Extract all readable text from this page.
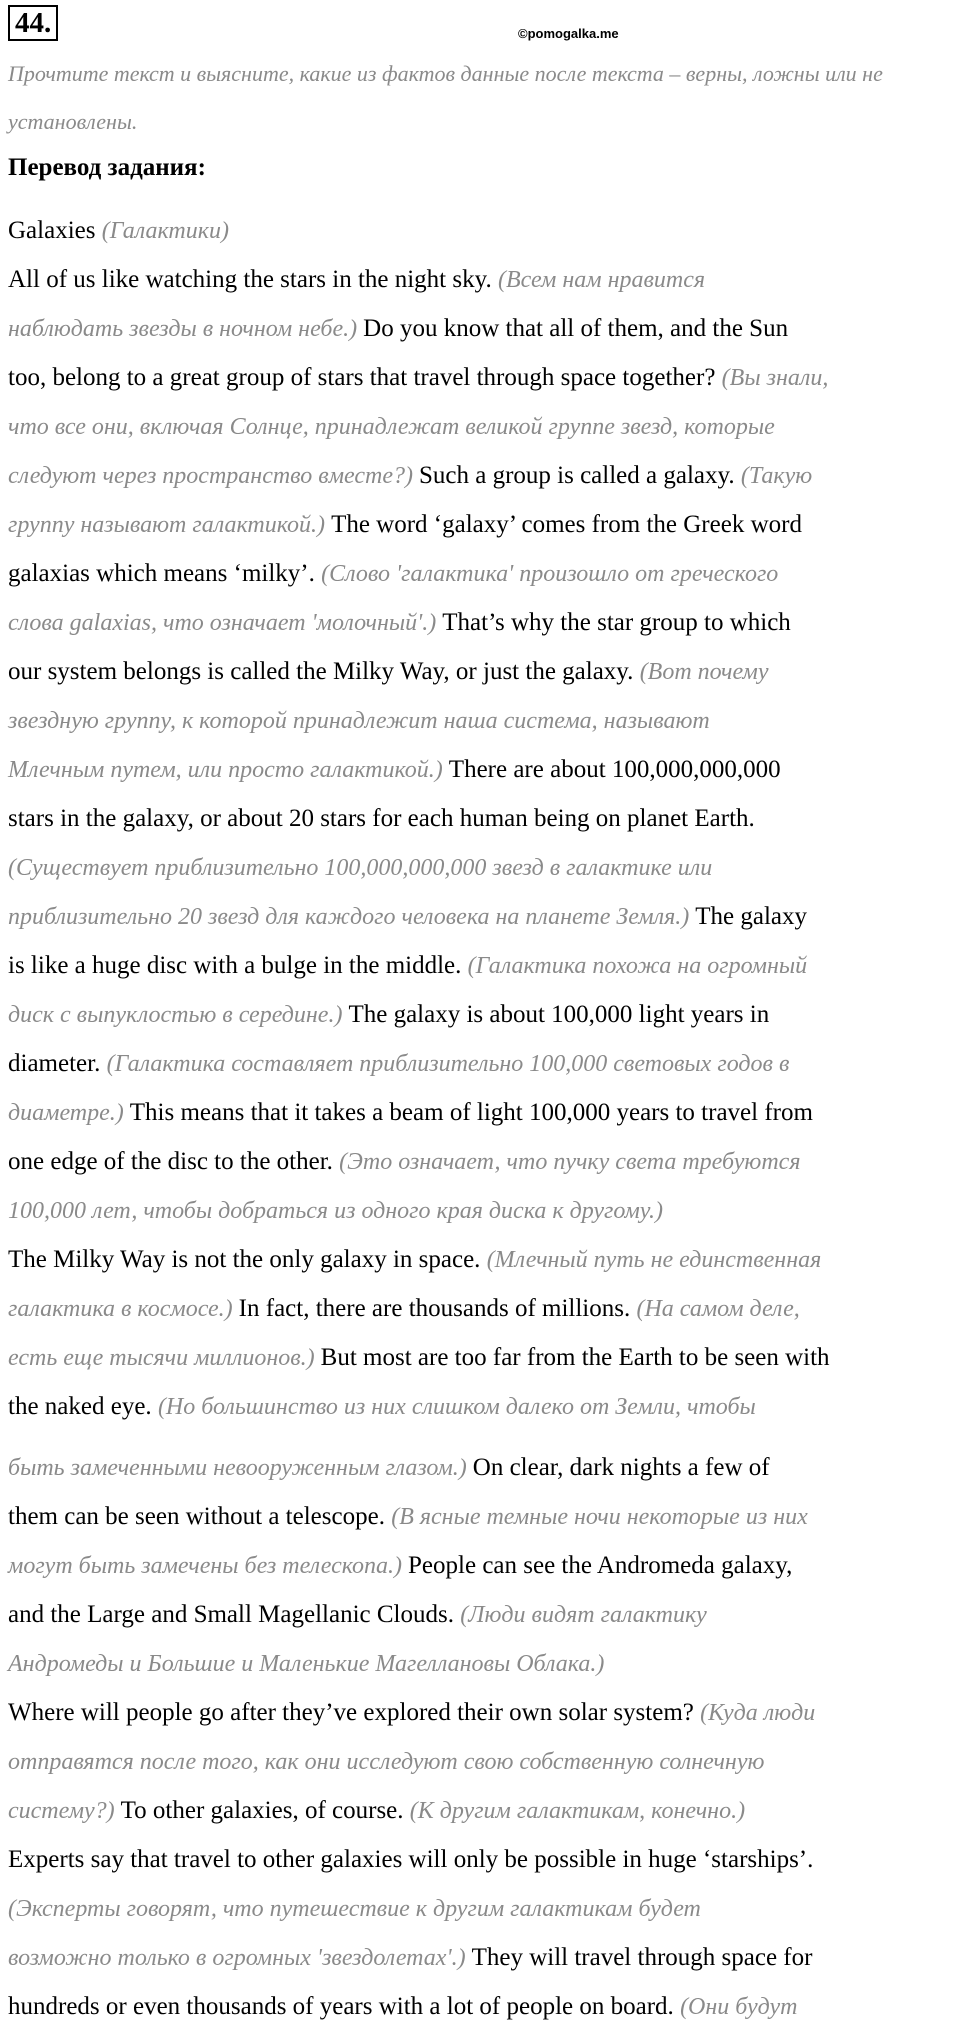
44.	©pomogalka.me
Прочтите текст и выясните, какие из фактов данные после текста – верны, ложны или не установлены.
Перевод задания:
Galaxies (Галактики)
All of us like watching the stars in the night sky. (Всем нам нравится
наблюдать звезды в ночном небе.) Do you know that all of them, and the Sun
too, belong to a great group of stars that travel through space together? (Вы знали,
что все они, включая Солнце, принадлежат великой группе звезд, которые
следуют через пространство вместе?) Such a group is called a galaxy. (Такую
группу называют галактикой.) The word ‘galaxy’ comes from the Greek word
galaxias which means ‘milky’. (Слово 'галактика' произошло от греческого
слова galaxias, что означает 'молочный'.) That’s why the star group to which
our system belongs is called the Milky Way, or just the galaxy. (Вот почему
звездную группу, к которой принадлежит наша система, называют
Млечным путем, или просто галактикой.) There are about 100,000,000,000
stars in the galaxy, or about 20 stars for each human being on planet Earth.
(Существует приблизительно 100,000,000,000 звезд в галактике или
приблизительно 20 звезд для каждого человека на планете Земля.) The galaxy
is like a huge disc with a bulge in the middle. (Галактика похожа на огромный
диск с выпуклостью в середине.) The galaxy is about 100,000 light years in
diameter. (Галактика составляет приблизительно 100,000 световых годов в
диаметре.) This means that it takes a beam of light 100,000 years to travel from
one edge of the disc to the other. (Это означает, что пучку света требуются
100,000 лет, чтобы добраться из одного края диска к другому.)
The Milky Way is not the only galaxy in space. (Млечный путь не единственная
галактика в космосе.) In fact, there are thousands of millions. (На самом деле,
есть еще тысячи миллионов.) But most are too far from the Earth to be seen with
the naked eye. (Но большинство из них слишком далеко от Земли, чтобы
быть замеченными невооруженным глазом.) On clear, dark nights a few of
them can be seen without a telescope. (В ясные темные ночи некоторые из них
могут быть замечены без телескопа.) People can see the Andromeda galaxy,
and the Large and Small Magellanic Clouds. (Люди видят галактику
Андромеды и Большие и Маленькие Магеллановы Облака.)
Where will people go after they’ve explored their own solar system? (Куда люди
отправятся после того, как они исследуют свою собственную солнечную
систему?) To other galaxies, of course. (К другим галактикам, конечно.)
Experts say that travel to other galaxies will only be possible in huge ‘starships’.
(Эксперты говорят, что путешествие к другим галактикам будет
возможно только в огромных 'звездолетах'.) They will travel through space for
hundreds or even thousands of years with a lot of people on board. (Они будут
